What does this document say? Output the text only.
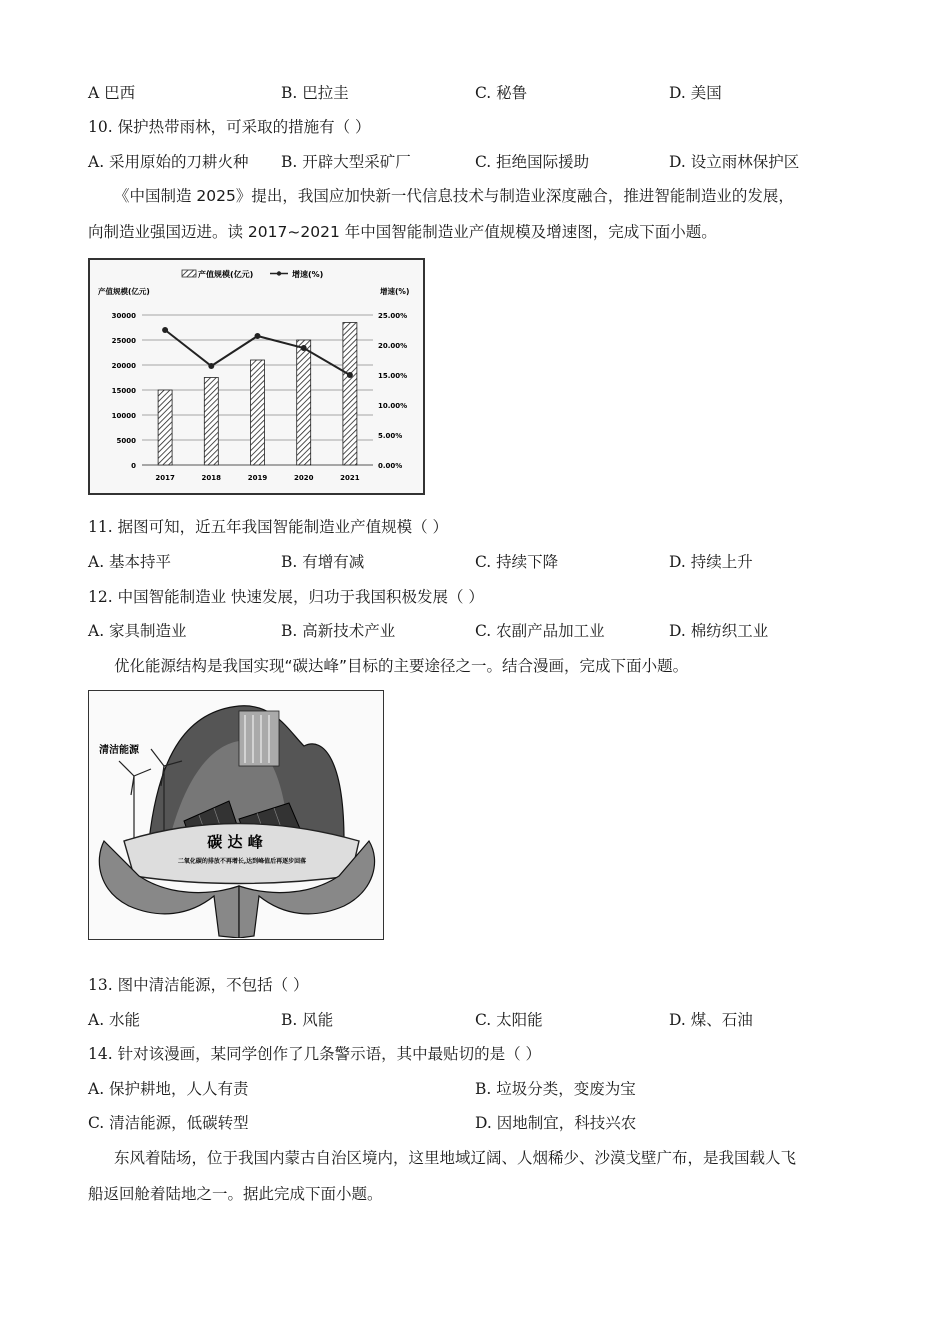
A 巴西	B. 巴拉圭	C. 秘鲁	D. 美国
10. 保护热带雨林，可采取的措施有（ ）
A. 采用原始的刀耕火种 B. 开辟大型采矿厂	C. 拒绝国际援助	D. 设立雨林保护区
《中国制造 2025》提出，我国应加快新一代信息技术与制造业深度融合，推进智能制造业的发展，
向制造业强国迈进。读 2017~2021 年中国智能制造业产值规模及增速图，完成下面小题。
产值规模(亿元)	增速(%)
产值规模(亿元)	增速(%)
0
5000
10000
15000
20000
25000
30000
0.00%
5.00%
10.00%
15.00%
20.00%
25.00%
2017	2018	2019	2020	2021
11. 据图可知，近五年我国智能制造业产值规模（ ）
A. 基本持平	B. 有增有减	C. 持续下降	D. 持续上升
12. 中国智能制造业 快速发展，归功于我国积极发展（ ）
A. 家具制造业	B. 高新技术产业	C. 农副产品加工业	D. 棉纺织工业
优化能源结构是我国实现“碳达峰”目标的主要途径之一。结合漫画，完成下面小题。
清洁能源
碳 达 峰
二氧化碳的排放不再增长,达到峰值后再逐步回落
13. 图中清洁能源，不包括（ ）
A. 水能	B. 风能	C. 太阳能	D. 煤、石油
14. 针对该漫画，某同学创作了几条警示语，其中最贴切的是（ ）
A. 保护耕地，人人有责	B. 垃圾分类，变废为宝
C. 清洁能源，低碳转型	D. 因地制宜，科技兴农
东风着陆场，位于我国内蒙古自治区境内，这里地域辽阔、人烟稀少、沙漠戈壁广布，是我国载人飞
船返回舱着陆地之一。据此完成下面小题。
